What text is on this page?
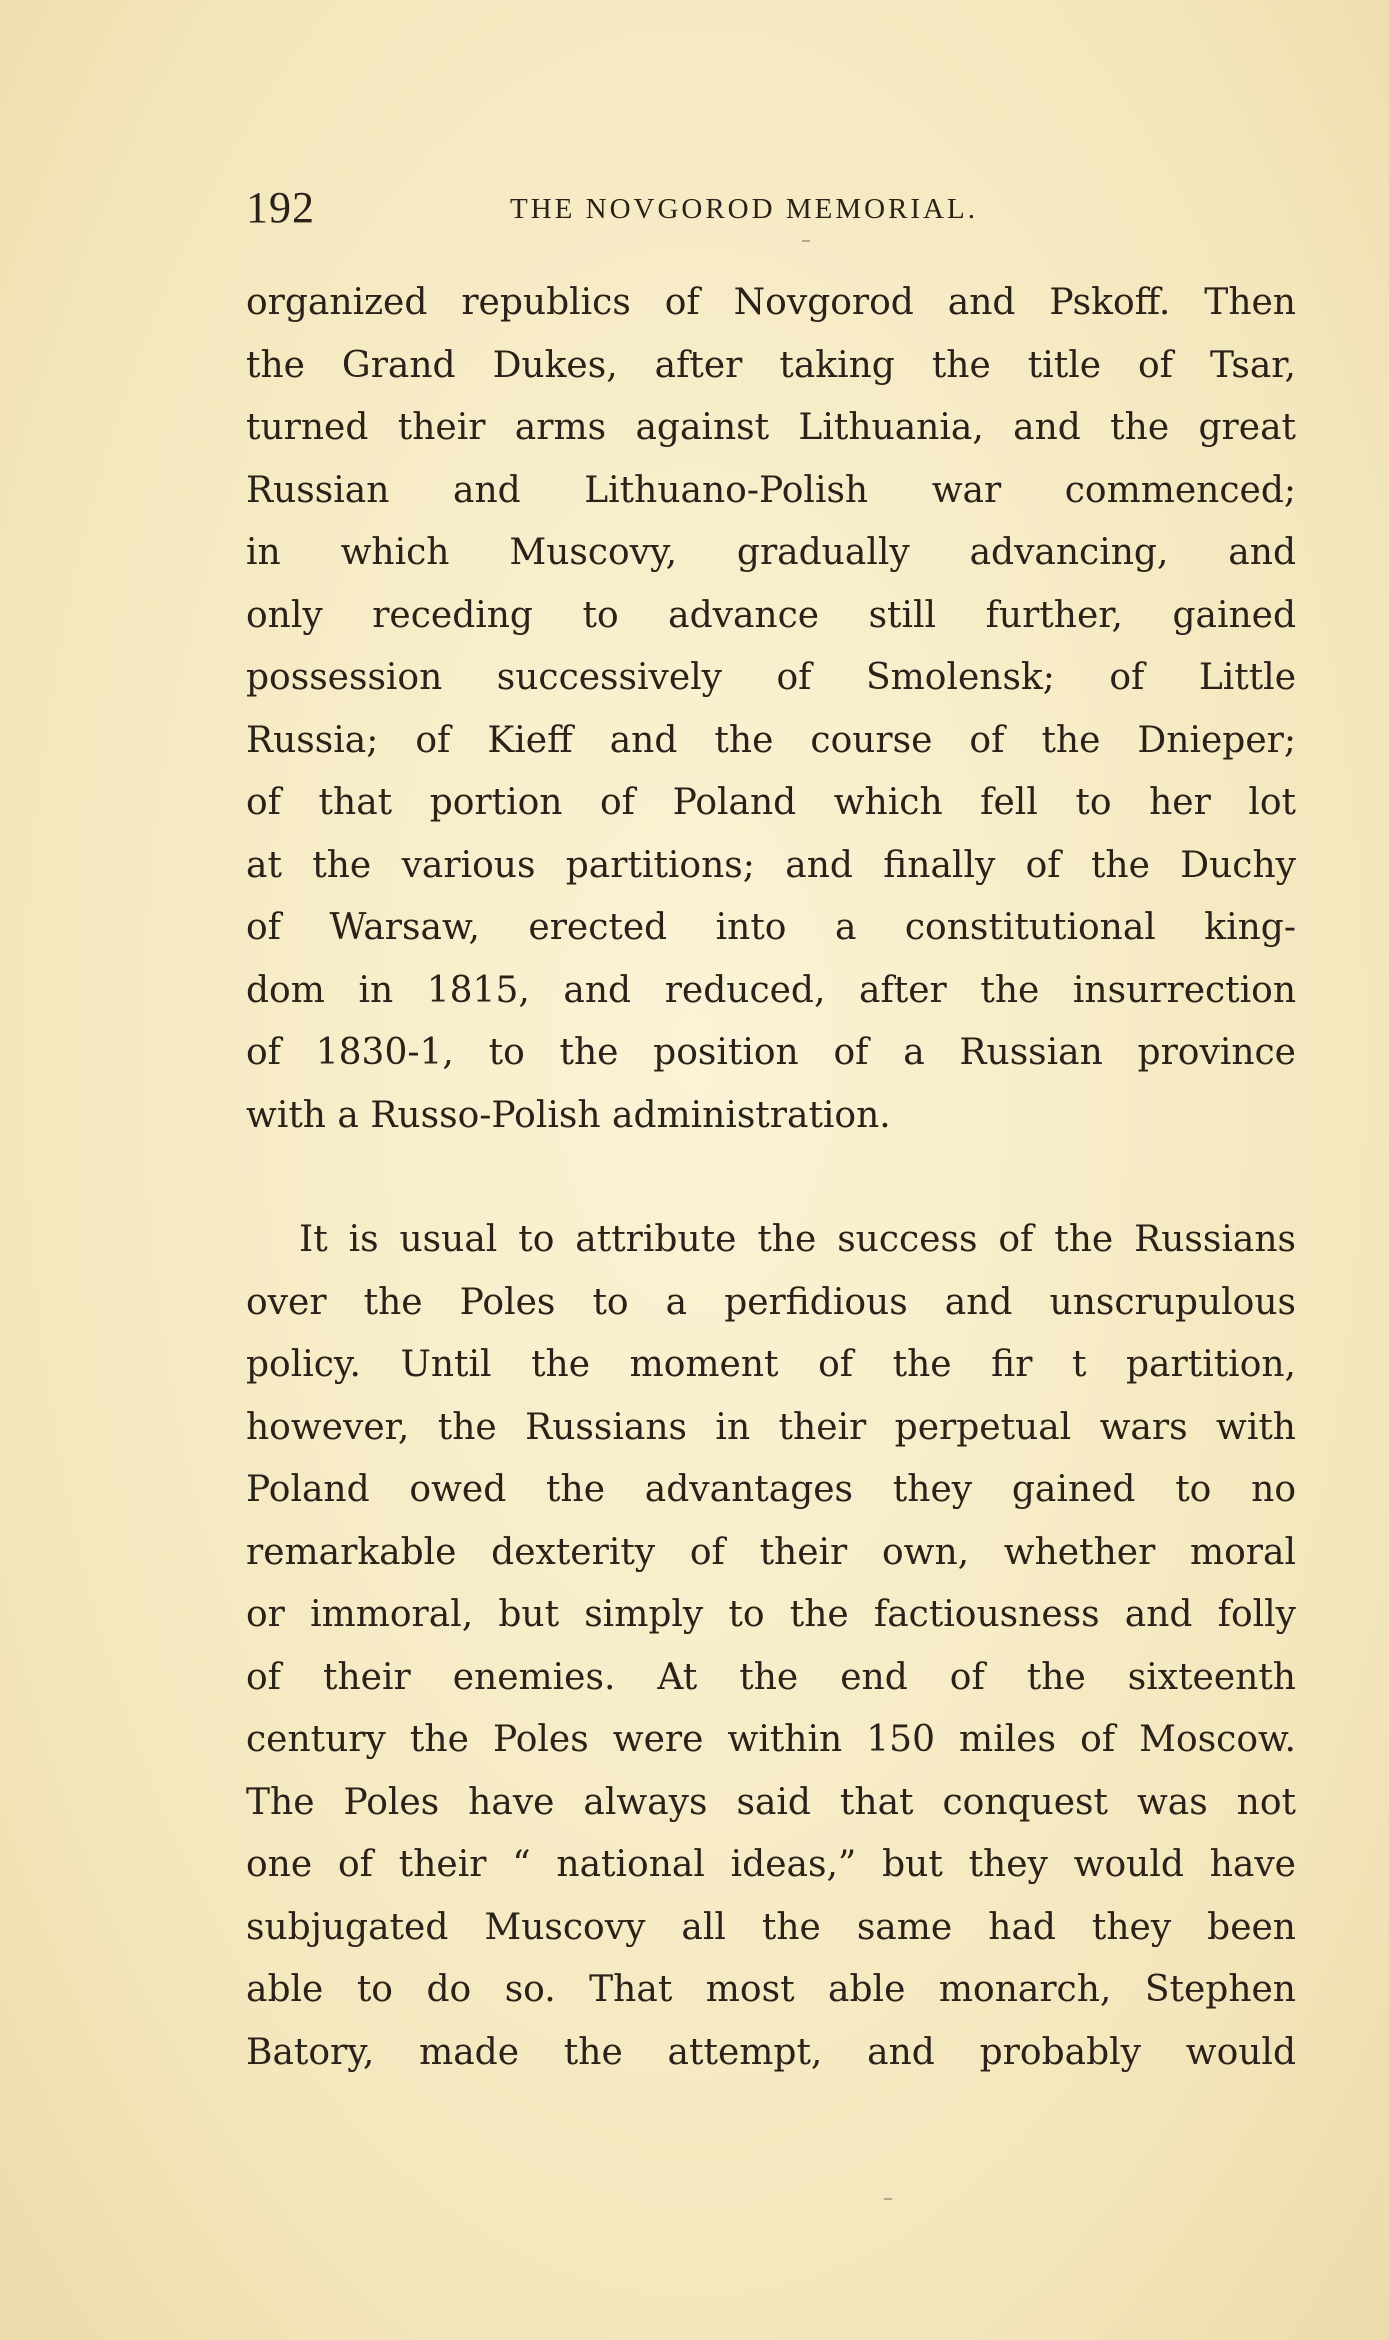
192	THE NOVGOROD MEMORIAL.

organized republics of Novgorod and Pskoff. Then
the Grand Dukes, after taking the title of Tsar,
turned their arms against Lithuania, and the great
Russian and Lithuano-Polish war commenced;
in which Muscovy, gradually advancing, and
only receding to advance still further, gained
possession successively of Smolensk; of Little
Russia; of Kieff and the course of the Dnieper;
of that portion of Poland which fell to her lot
at the various partitions; and finally of the Duchy
of Warsaw, erected into a constitutional king-
dom in 1815, and reduced, after the insurrection
of 1830-1, to the position of a Russian province
with a Russo-Polish administration.

It is usual to attribute the success of the Russians
over the Poles to a perfidious and unscrupulous
policy. Until the moment of the fir t partition,
however, the Russians in their perpetual wars with
Poland owed the advantages they gained to no
remarkable dexterity of their own, whether moral
or immoral, but simply to the factiousness and folly
of their enemies. At the end of the sixteenth
century the Poles were within 150 miles of Moscow.
The Poles have always said that conquest was not
one of their “ national ideas,” but they would have
subjugated Muscovy all the same had they been
able to do so. That most able monarch, Stephen
Batory, made the attempt, and probably would
